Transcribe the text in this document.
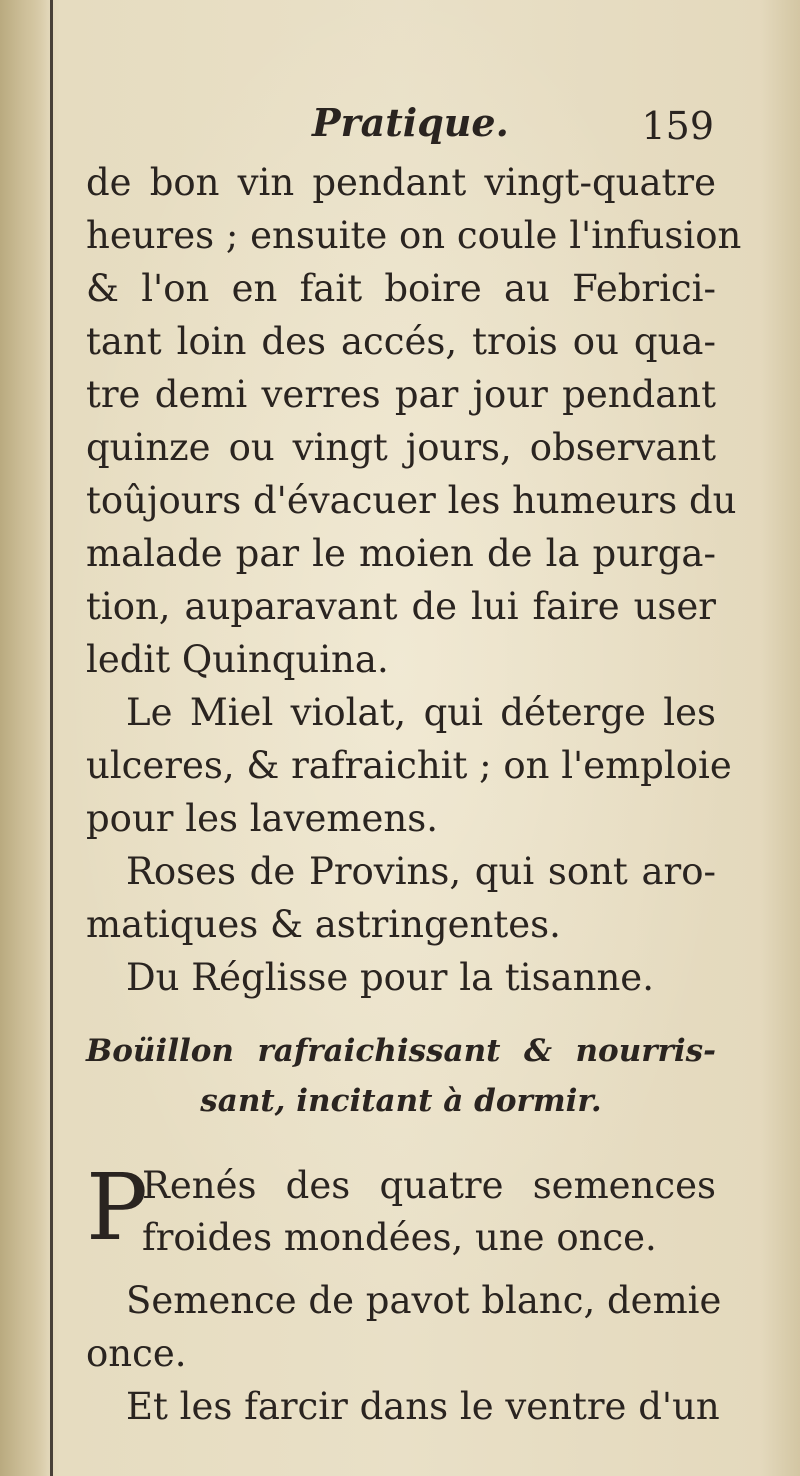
Pratique.	159
de bon vin pendant vingt-quatre
heures ; ensuite on coule l'infusion
& l'on en fait boire au Febrici-
tant loin des accés, trois ou qua-
tre demi verres par jour pendant
quinze ou vingt jours, observant
toûjours d'évacuer les humeurs du
malade par le moien de la purga-
tion, auparavant de lui faire user
ledit Quinquina.
Le Miel violat, qui déterge les
ulceres, & rafraichit ; on l'emploie
pour les lavemens.
Roses de Provins, qui sont aro-
matiques & astringentes.
Du Réglisse pour la tisanne.
Boüillon rafraichissant & nourris-
sant, incitant à dormir.
P
Renés des quatre semences
froides mondées, une once.
Semence de pavot blanc, demie
once.
Et les farcir dans le ventre d'un
